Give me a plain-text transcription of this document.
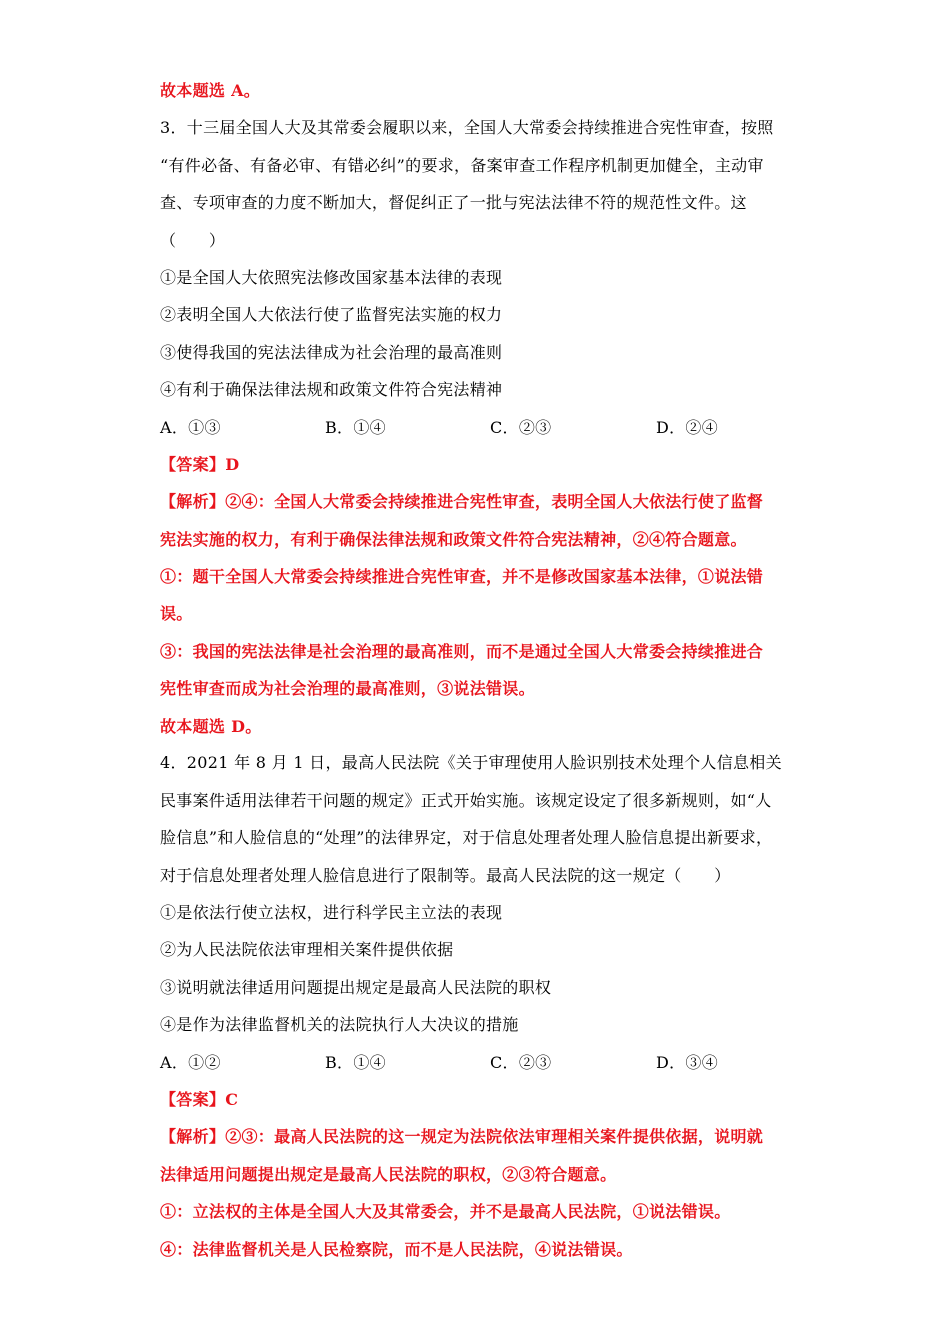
故本题选 A。
3．十三届全国人大及其常委会履职以来，全国人大常委会持续推进合宪性审查，按照
“有件必备、有备必审、有错必纠”的要求，备案审查工作程序机制更加健全，主动审
查、专项审查的力度不断加大，督促纠正了一批与宪法法律不符的规范性文件。这
（　　）
①是全国人大依照宪法修改国家基本法律的表现
②表明全国人大依法行使了监督宪法实施的权力
③使得我国的宪法法律成为社会治理的最高准则
④有利于确保法律法规和政策文件符合宪法精神
A．①③	B．①④	C．②③	D．②④
【答案】D
【解析】②④：全国人大常委会持续推进合宪性审查，表明全国人大依法行使了监督
宪法实施的权力，有利于确保法律法规和政策文件符合宪法精神，②④符合题意。
①：题干全国人大常委会持续推进合宪性审查，并不是修改国家基本法律，①说法错
误。
③：我国的宪法法律是社会治理的最高准则，而不是通过全国人大常委会持续推进合
宪性审查而成为社会治理的最高准则，③说法错误。
故本题选 D。
4．2021 年 8 月 1 日，最高人民法院《关于审理使用人脸识别技术处理个人信息相关
民事案件适用法律若干问题的规定》正式开始实施。该规定设定了很多新规则，如“人
脸信息”和人脸信息的“处理”的法律界定，对于信息处理者处理人脸信息提出新要求，
对于信息处理者处理人脸信息进行了限制等。最高人民法院的这一规定（　　）
①是依法行使立法权，进行科学民主立法的表现
②为人民法院依法审理相关案件提供依据
③说明就法律适用问题提出规定是最高人民法院的职权
④是作为法律监督机关的法院执行人大决议的措施
A．①②	B．①④	C．②③	D．③④
【答案】C
【解析】②③：最高人民法院的这一规定为法院依法审理相关案件提供依据，说明就
法律适用问题提出规定是最高人民法院的职权，②③符合题意。
①：立法权的主体是全国人大及其常委会，并不是最高人民法院，①说法错误。
④：法律监督机关是人民检察院，而不是人民法院，④说法错误。
